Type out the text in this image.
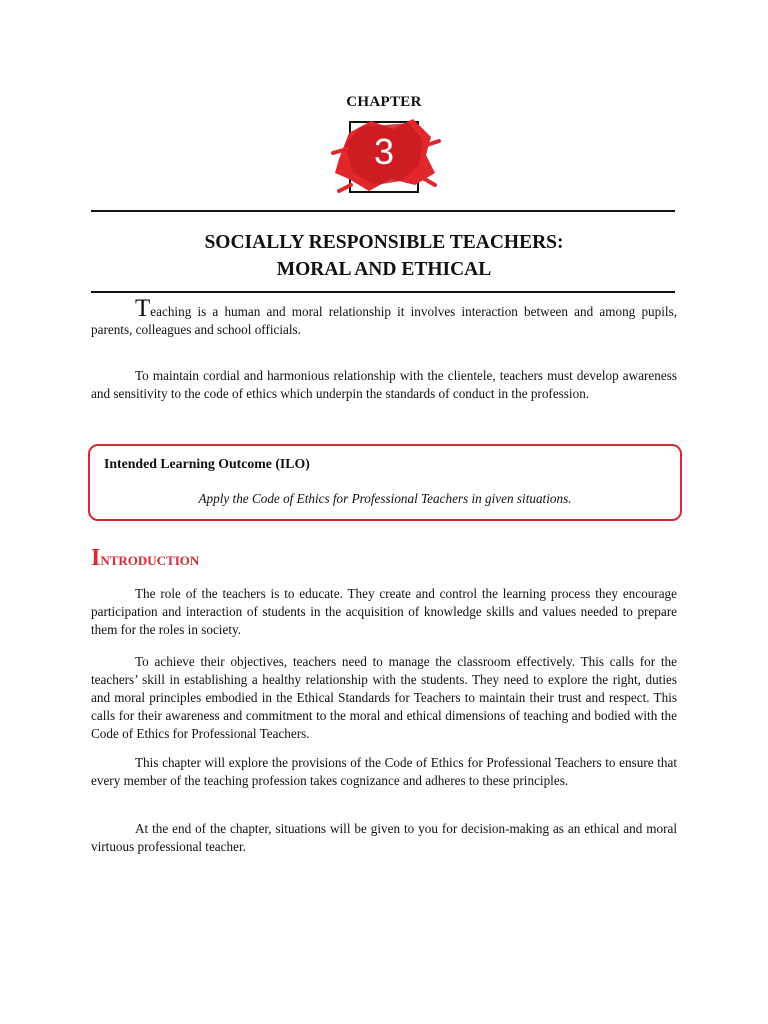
CHAPTER
3
SOCIALLY RESPONSIBLE TEACHERS:
MORAL AND ETHICAL

Teaching is a human and moral relationship it involves interaction between and among pupils, parents, colleagues and school officials.

To maintain cordial and harmonious relationship with the clientele, teachers must develop awareness and sensitivity to the code of ethics which underpin the standards of conduct in the profession.

Intended Learning Outcome (ILO)
Apply the Code of Ethics for Professional Teachers in given situations.
Introduction

The role of the teachers is to educate. They create and control the learning process they encourage participation and interaction of students in the acquisition of knowledge skills and values needed to prepare them for the roles in society.

To achieve their objectives, teachers need to manage the classroom effectively. This calls for the teachers’ skill in establishing a healthy relationship with the students. They need to explore the right, duties and moral principles embodied in the Ethical Standards for Teachers to maintain their trust and respect. This calls for their awareness and commitment to the moral and ethical dimensions of teaching and bodied with the Code of Ethics for Professional Teachers.

This chapter will explore the provisions of the Code of Ethics for Professional Teachers to ensure that every member of the teaching profession takes cognizance and adheres to these principles.

At the end of the chapter, situations will be given to you for decision-making as an ethical and moral virtuous professional teacher.
